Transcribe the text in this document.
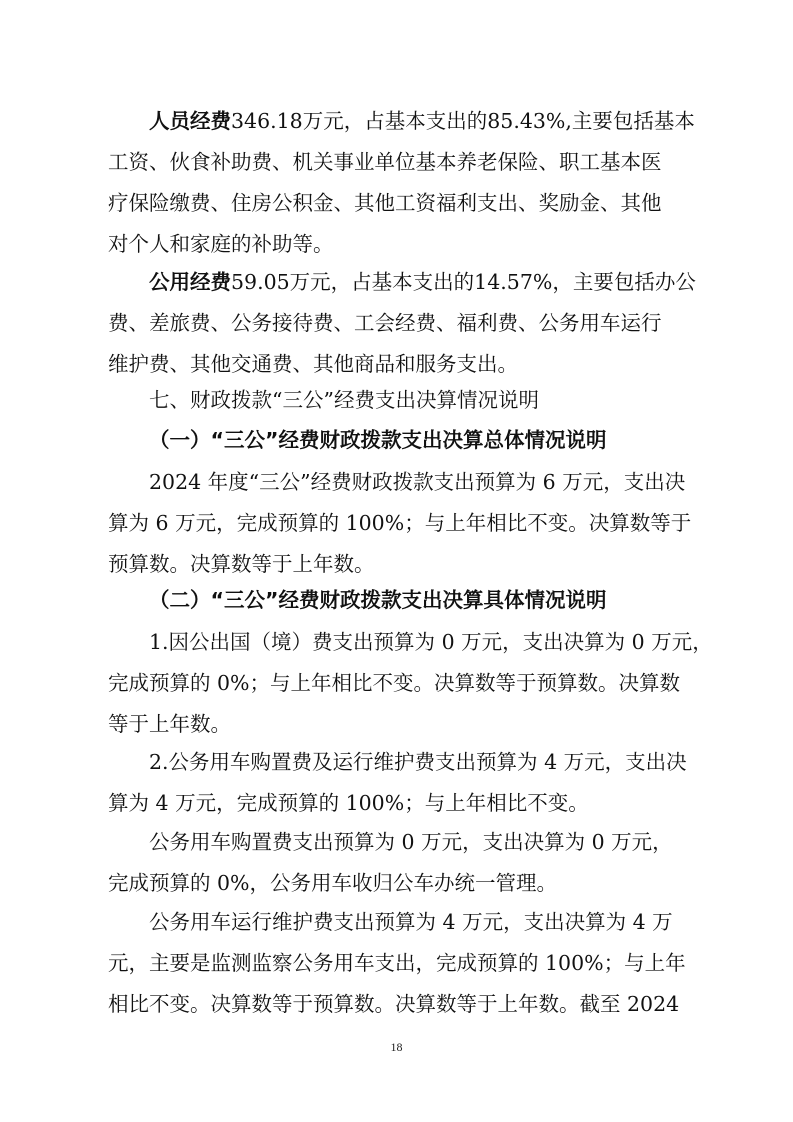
人员经费346.18万元，占基本支出的85.43%,主要包括基本
工资、伙食补助费、机关事业单位基本养老保险、职工基本医
疗保险缴费、住房公积金、其他工资福利支出、奖励金、其他
对个人和家庭的补助等。

公用经费59.05万元，占基本支出的14.57%，主要包括办公
费、差旅费、公务接待费、工会经费、福利费、公务用车运行
维护费、其他交通费、其他商品和服务支出。

七、财政拨款“三公”经费支出决算情况说明

（一）“三公”经费财政拨款支出决算总体情况说明

2024 年度“三公”经费财政拨款支出预算为 6 万元，支出决
算为 6 万元，完成预算的 100%；与上年相比不变。决算数等于
预算数。决算数等于上年数。

（二）“三公”经费财政拨款支出决算具体情况说明

1.因公出国（境）费支出预算为 0 万元，支出决算为 0 万元，
完成预算的 0%；与上年相比不变。决算数等于预算数。决算数
等于上年数。

2.公务用车购置费及运行维护费支出预算为 4 万元，支出决
算为 4 万元，完成预算的 100%；与上年相比不变。

公务用车购置费支出预算为 0 万元，支出决算为 0 万元，
完成预算的 0%，公务用车收归公车办统一管理。

公务用车运行维护费支出预算为 4 万元，支出决算为 4 万
元，主要是监测监察公务用车支出，完成预算的 100%；与上年
相比不变。决算数等于预算数。决算数等于上年数。截至 2024

18
